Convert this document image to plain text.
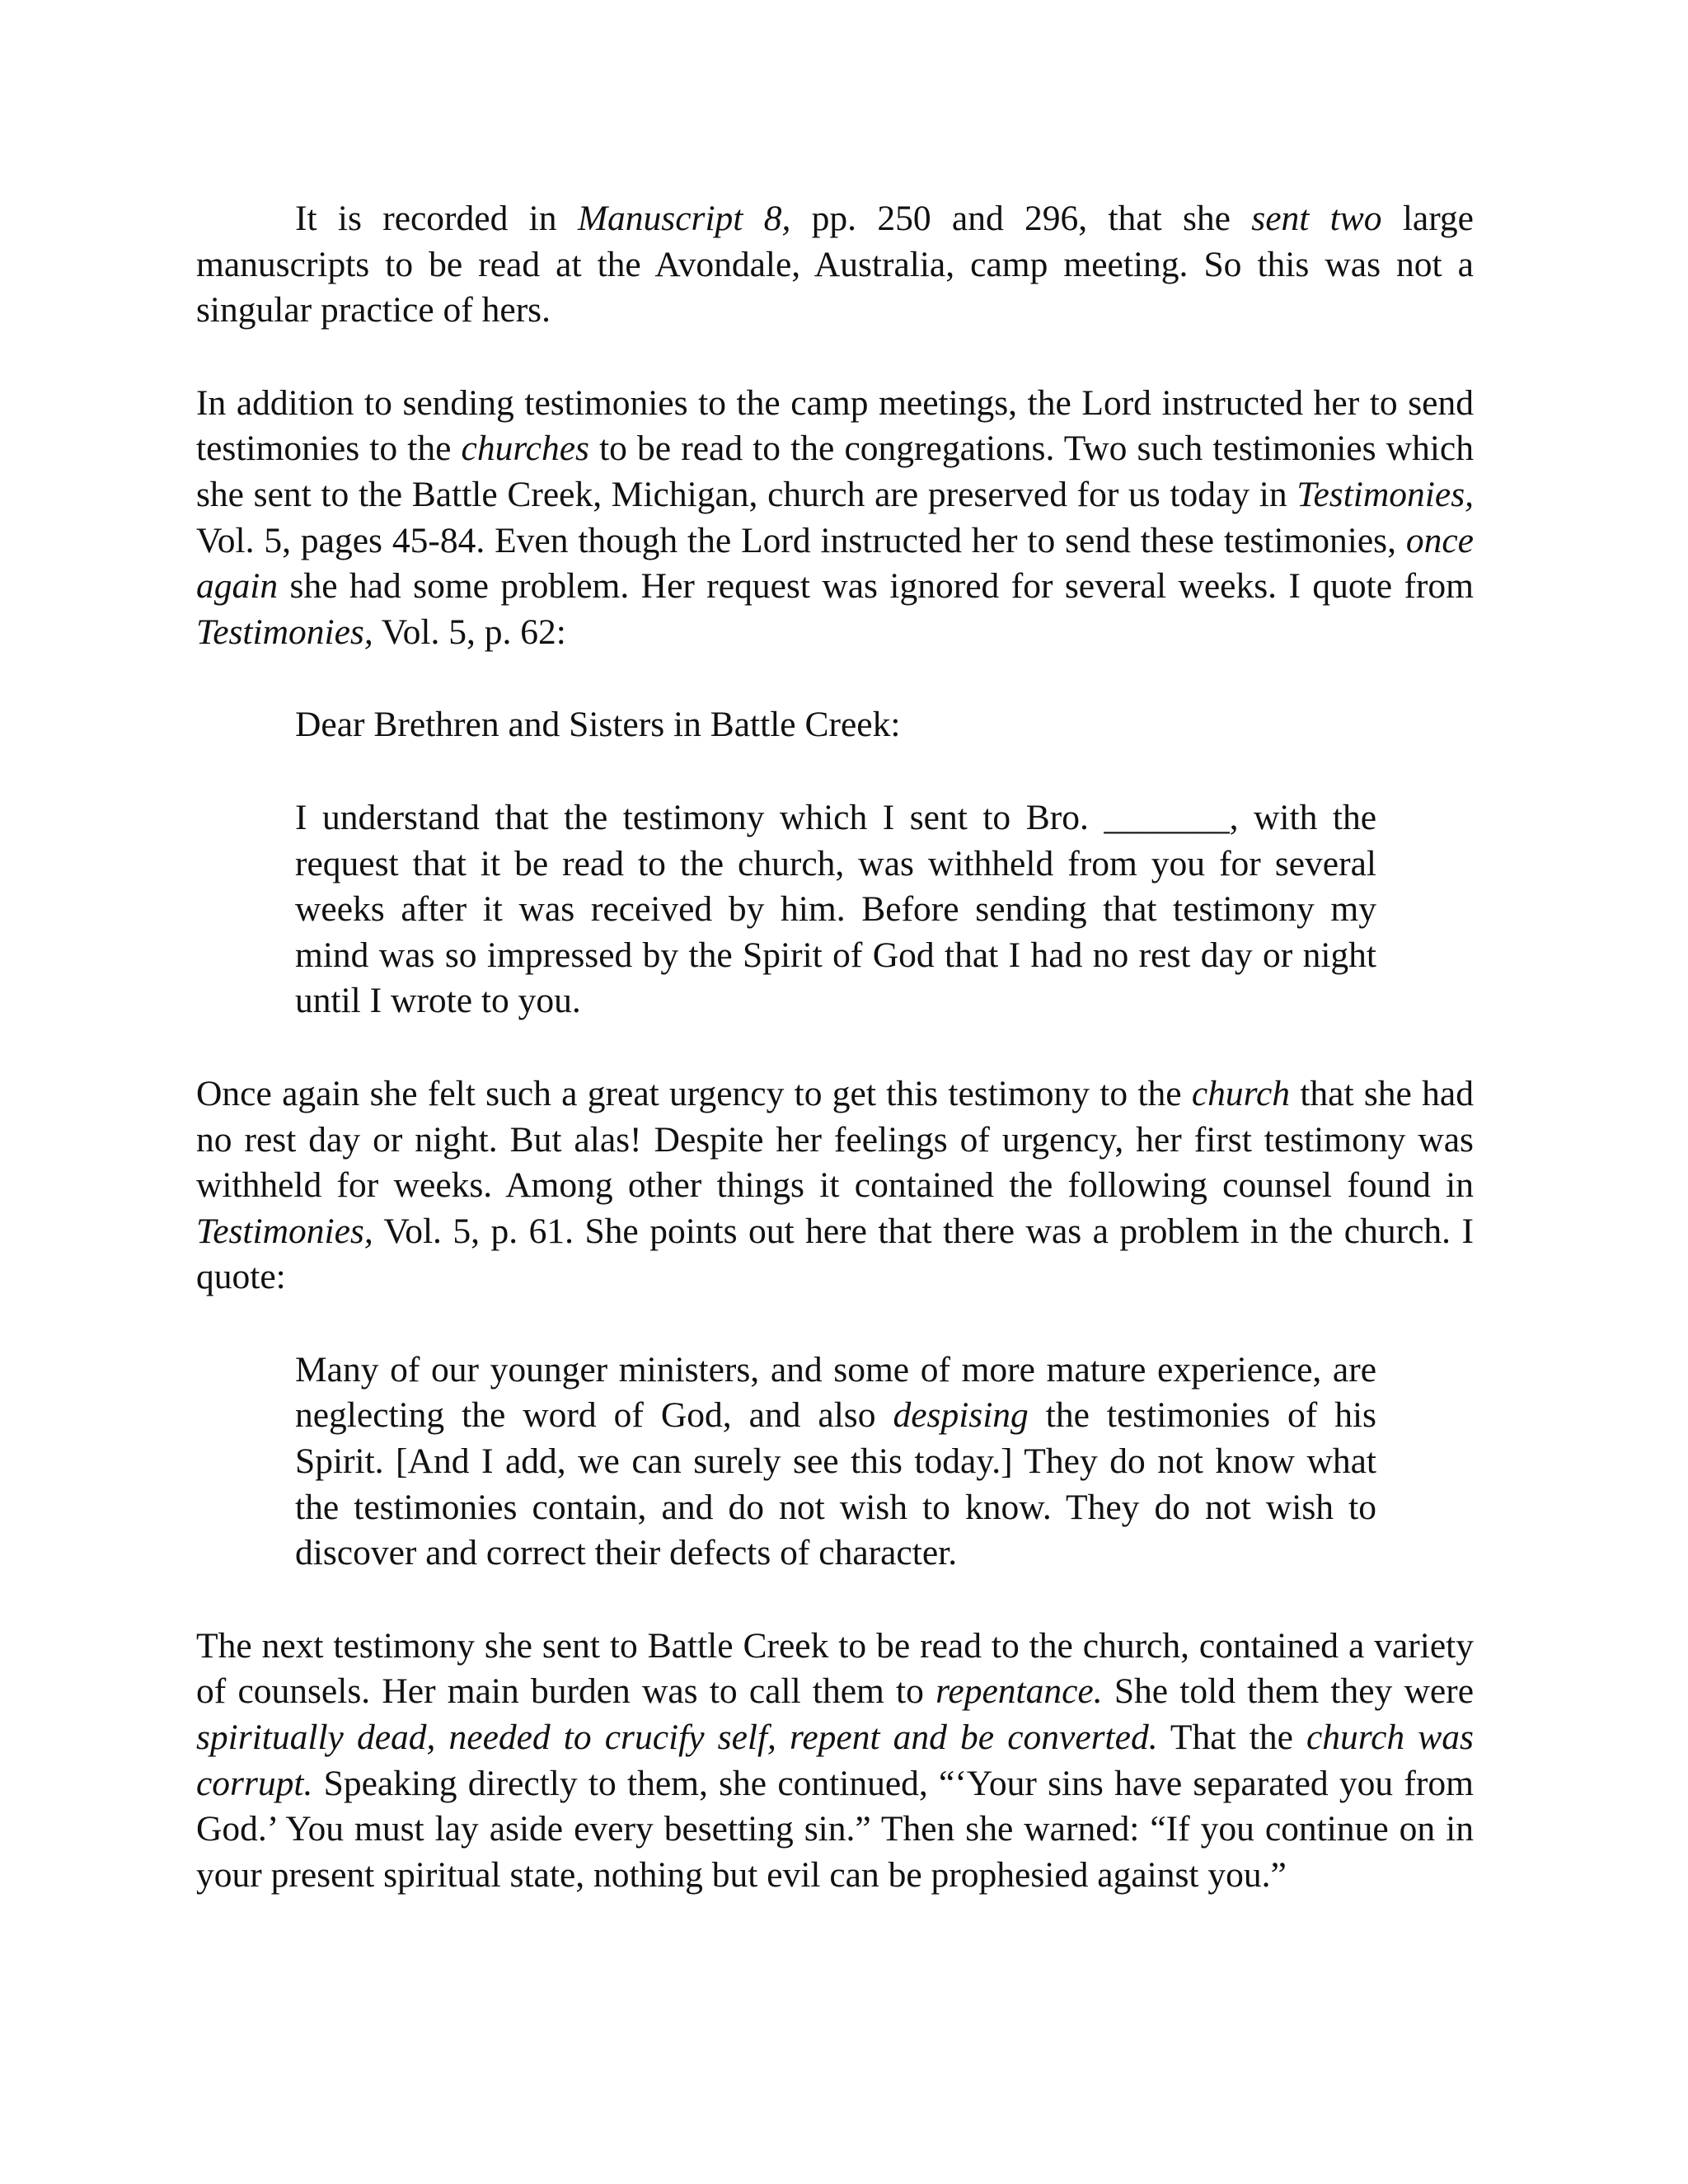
It is recorded in Manuscript 8, pp. 250 and 296, that she sent two large manuscripts to be read at the Avondale, Australia, camp meeting. So this was not a singular practice of hers.

In addition to sending testimonies to the camp meetings, the Lord instructed her to send testimonies to the churches to be read to the congregations. Two such testimonies which she sent to the Battle Creek, Michigan, church are preserved for us today in Testimonies, Vol. 5, pages 45-84. Even though the Lord instructed her to send these testimonies, once again she had some problem. Her request was ignored for several weeks. I quote from Testimonies, Vol. 5, p. 62:

Dear Brethren and Sisters in Battle Creek:

I understand that the testimony which I sent to Bro. _______, with the request that it be read to the church, was withheld from you for several weeks after it was received by him. Before sending that testimony my mind was so impressed by the Spirit of God that I had no rest day or night until I wrote to you.

Once again she felt such a great urgency to get this testimony to the church that she had no rest day or night. But alas! Despite her feelings of urgency, her first testimony was withheld for weeks. Among other things it contained the following counsel found in Testimonies, Vol. 5, p. 61. She points out here that there was a problem in the church. I quote:

Many of our younger ministers, and some of more mature experience, are neglecting the word of God, and also despising the testimonies of his Spirit. [And I add, we can surely see this today.] They do not know what the testimonies contain, and do not wish to know. They do not wish to discover and correct their defects of character.

The next testimony she sent to Battle Creek to be read to the church, contained a variety of counsels. Her main burden was to call them to repentance. She told them they were spiritually dead, needed to crucify self, repent and be converted. That the church was corrupt. Speaking directly to them, she continued, “‘Your sins have separated you from God.’ You must lay aside every besetting sin.” Then she warned: “If you continue on in your present spiritual state, nothing but evil can be prophesied against you.”
